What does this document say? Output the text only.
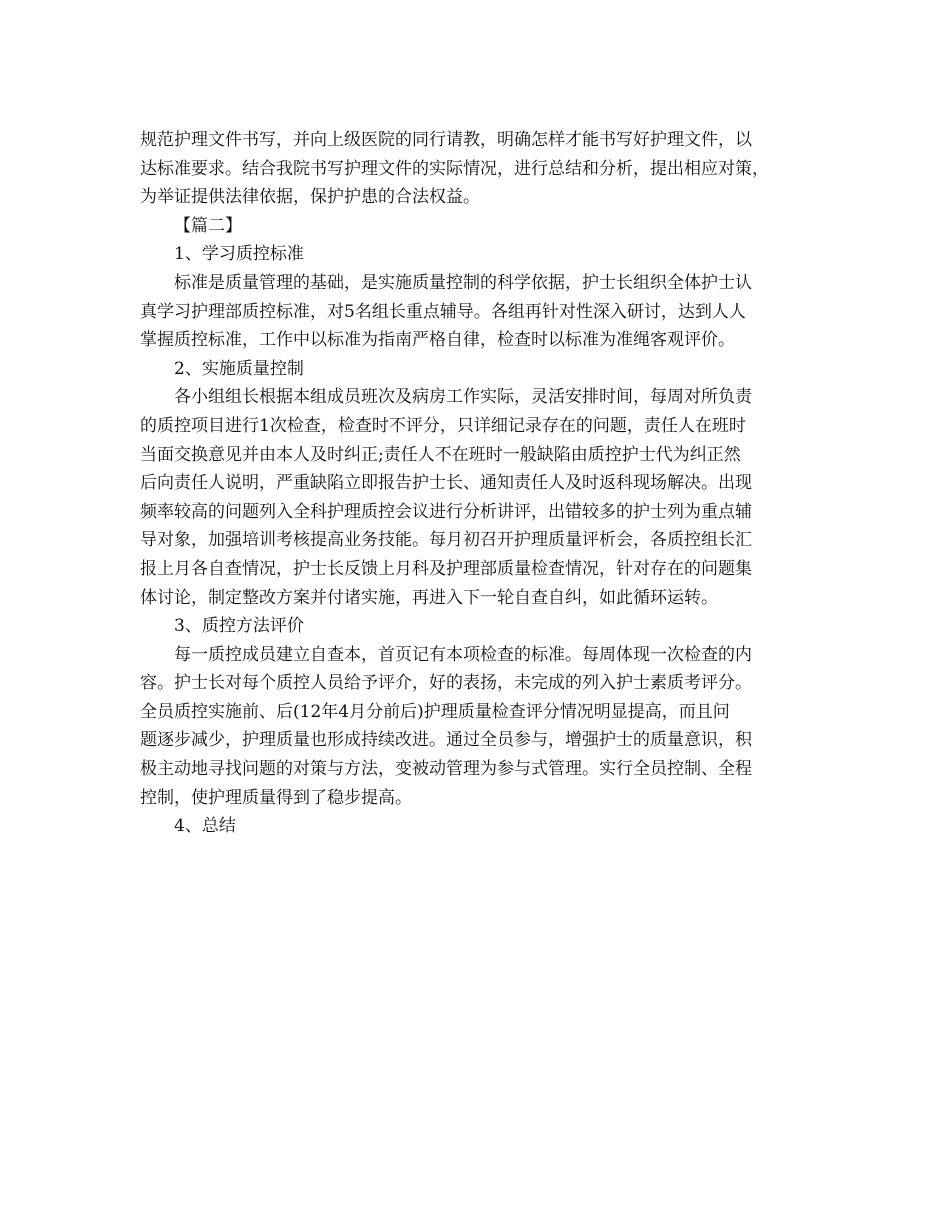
规范护理文件书写，并向上级医院的同行请教，明确怎样才能书写好护理文件，以
达标准要求。结合我院书写护理文件的实际情况，进行总结和分析，提出相应对策，
为举证提供法律依据，保护护患的合法权益。
【篇二】
1、学习质控标准
标准是质量管理的基础，是实施质量控制的科学依据，护士长组织全体护士认
真学习护理部质控标准，对5名组长重点辅导。各组再针对性深入研讨，达到人人
掌握质控标准，工作中以标准为指南严格自律，检查时以标准为准绳客观评价。
2、实施质量控制
各小组组长根据本组成员班次及病房工作实际，灵活安排时间，每周对所负责
的质控项目进行1次检查，检查时不评分，只详细记录存在的问题，责任人在班时
当面交换意见并由本人及时纠正;责任人不在班时一般缺陷由质控护士代为纠正然
后向责任人说明，严重缺陷立即报告护士长、通知责任人及时返科现场解决。出现
频率较高的问题列入全科护理质控会议进行分析讲评，出错较多的护士列为重点辅
导对象，加强培训考核提高业务技能。每月初召开护理质量评析会，各质控组长汇
报上月各自查情况，护士长反馈上月科及护理部质量检查情况，针对存在的问题集
体讨论，制定整改方案并付诸实施，再进入下一轮自查自纠，如此循环运转。
3、质控方法评价
每一质控成员建立自查本，首页记有本项检查的标准。每周体现一次检查的内
容。护士长对每个质控人员给予评介，好的表扬，未完成的列入护士素质考评分。
全员质控实施前、后(12年4月分前后)护理质量检查评分情况明显提高，而且问
题逐步减少，护理质量也形成持续改进。通过全员参与，增强护士的质量意识，积
极主动地寻找问题的对策与方法，变被动管理为参与式管理。实行全员控制、全程
控制，使护理质量得到了稳步提高。
4、总结
